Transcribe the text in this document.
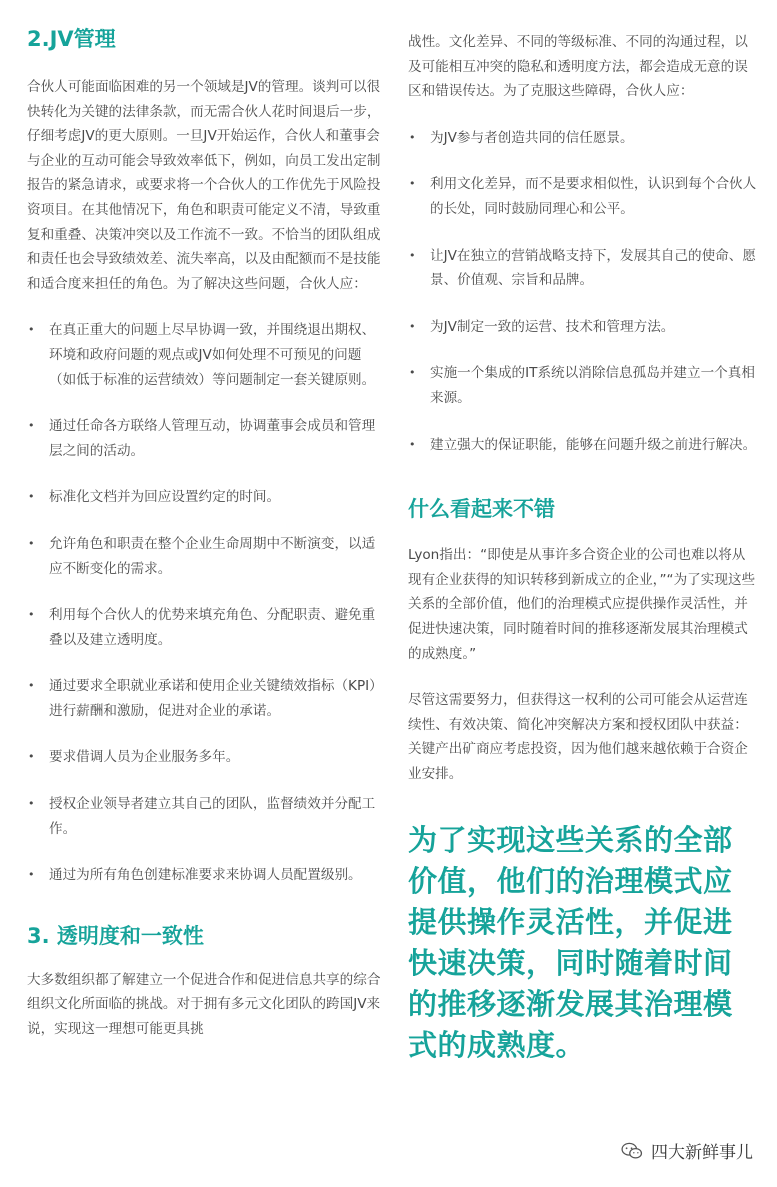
2.JV管理

合伙人可能面临困难的另一个领域是JV的管理。谈判可以很快转化为关键的法律条款，而无需合伙人花时间退后一步，仔细考虑JV的更大原则。一旦JV开始运作，合伙人和董事会与企业的互动可能会导致效率低下，例如，向员工发出定制报告的紧急请求，或要求将一个合伙人的工作优先于风险投资项目。在其他情况下，角色和职责可能定义不清，导致重复和重叠、决策冲突以及工作流不一致。不恰当的团队组成和责任也会导致绩效差、流失率高，以及由配额而不是技能和适合度来担任的角色。为了解决这些问题，合伙人应：

• 在真正重大的问题上尽早协调一致，并围绕退出期权、环境和政府问题的观点或JV如何处理不可预见的问题（如低于标准的运营绩效）等问题制定一套关键原则。
• 通过任命各方联络人管理互动，协调董事会成员和管理层之间的活动。
• 标准化文档并为回应设置约定的时间。
• 允许角色和职责在整个企业生命周期中不断演变，以适应不断变化的需求。
• 利用每个合伙人的优势来填充角色、分配职责、避免重叠以及建立透明度。
• 通过要求全职就业承诺和使用企业关键绩效指标（KPI）进行薪酬和激励，促进对企业的承诺。
• 要求借调人员为企业服务多年。
• 授权企业领导者建立其自己的团队，监督绩效并分配工作。
• 通过为所有角色创建标准要求来协调人员配置级别。
3. 透明度和一致性

大多数组织都了解建立一个促进合作和促进信息共享的综合组织文化所面临的挑战。对于拥有多元文化团队的跨国JV来说，实现这一理想可能更具挑

战性。文化差异、不同的等级标准、不同的沟通过程，以及可能相互冲突的隐私和透明度方法，都会造成无意的误区和错误传达。为了克服这些障碍，合伙人应：

• 为JV参与者创造共同的信任愿景。
• 利用文化差异，而不是要求相似性，认识到每个合伙人的长处，同时鼓励同理心和公平。
• 让JV在独立的营销战略支持下，发展其自己的使命、愿景、价值观、宗旨和品牌。
• 为JV制定一致的运营、技术和管理方法。
• 实施一个集成的IT系统以消除信息孤岛并建立一个真相来源。
• 建立强大的保证职能，能够在问题升级之前进行解决。
什么看起来不错

Lyon指出：“即使是从事许多合资企业的公司也难以将从现有企业获得的知识转移到新成立的企业，”“为了实现这些关系的全部价值，他们的治理模式应提供操作灵活性，并促进快速决策，同时随着时间的推移逐渐发展其治理模式的成熟度。”

尽管这需要努力，但获得这一权利的公司可能会从运营连续性、有效决策、简化冲突解决方案和授权团队中获益：关键产出矿商应考虑投资，因为他们越来越依赖于合资企业安排。

为了实现这些关系的全部价值，他们的治理模式应提供操作灵活性，并促进快速决策，同时随着时间的推移逐渐发展其治理模式的成熟度。

四大新鲜事儿
